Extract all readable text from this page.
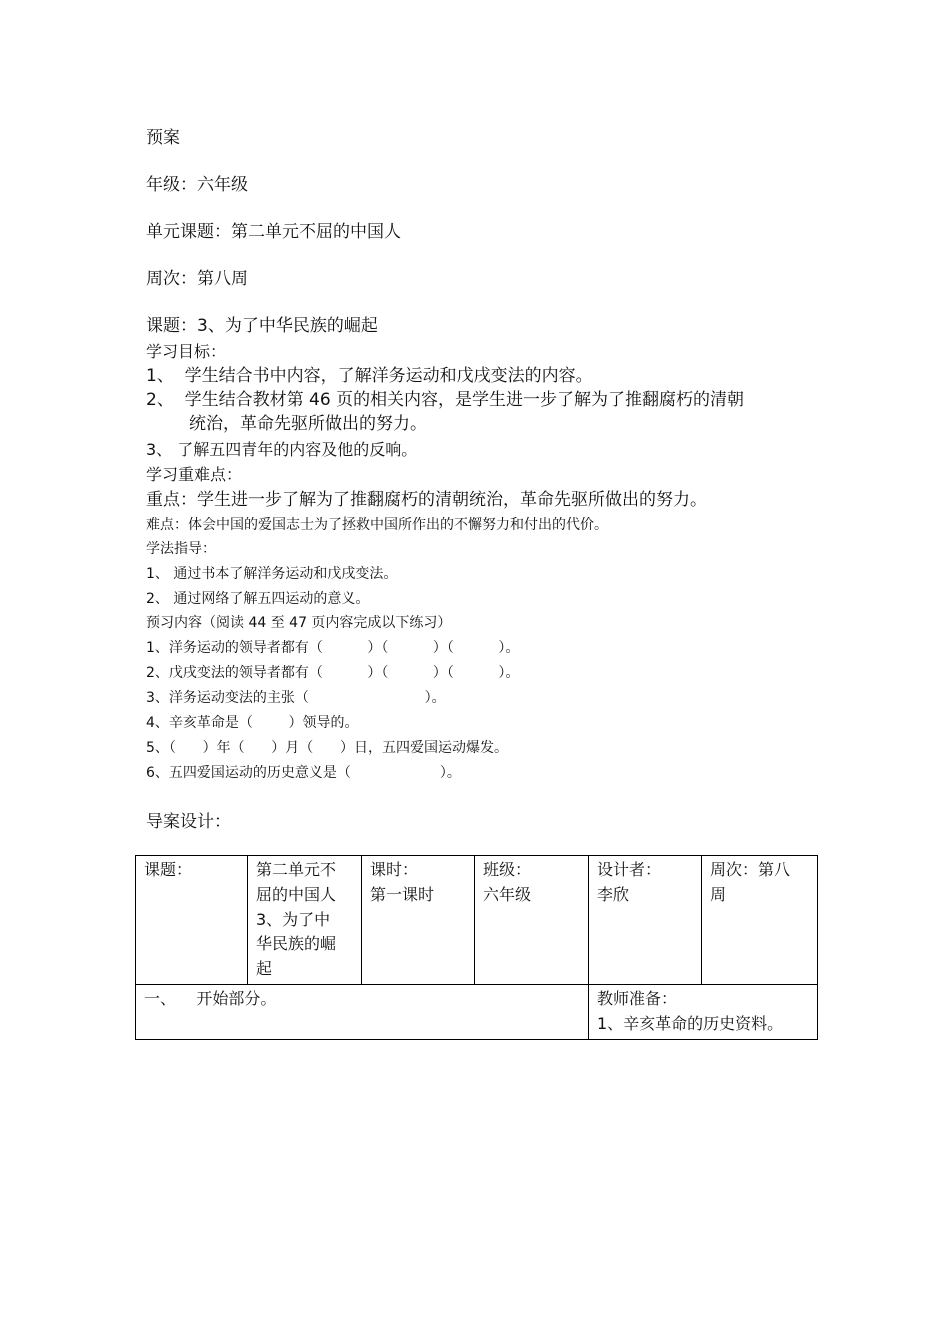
预案
年级：六年级
单元课题：第二单元不屈的中国人
周次：第八周
课题：3、为了中华民族的崛起
学习目标：
1、  学生结合书中内容，了解洋务运动和戊戌变法的内容。
2、  学生结合教材第 46 页的相关内容，是学生进一步了解为了推翻腐朽的清朝
统治，革命先驱所做出的努力。
3、 了解五四青年的内容及他的反响。
学习重难点：
重点：学生进一步了解为了推翻腐朽的清朝统治，革命先驱所做出的努力。
难点：体会中国的爱国志士为了拯救中国所作出的不懈努力和付出的代价。
学法指导：
1、 通过书本了解洋务运动和戊戌变法。
2、 通过网络了解五四运动的意义。
预习内容（阅读 44 至 47 页内容完成以下练习）
1、洋务运动的领导者都有（          ）（          ）（          ）。
2、戊戌变法的领导者都有（          ）（          ）（          ）。
3、洋务运动变法的主张（                          ）。
4、辛亥革命是（        ）领导的。
5、（      ）年（      ）月（      ）日，五四爱国运动爆发。
6、五四爱国运动的历史意义是（                    ）。
导案设计：
课题：	第二单元不
屈的中国人
3、为了中
华民族的崛
起	课时：
第一课时	班级：
六年级	设计者：
李欣	周次：第八
周

一、    开始部分。				教师准备：
1、辛亥革命的历史资料。	
